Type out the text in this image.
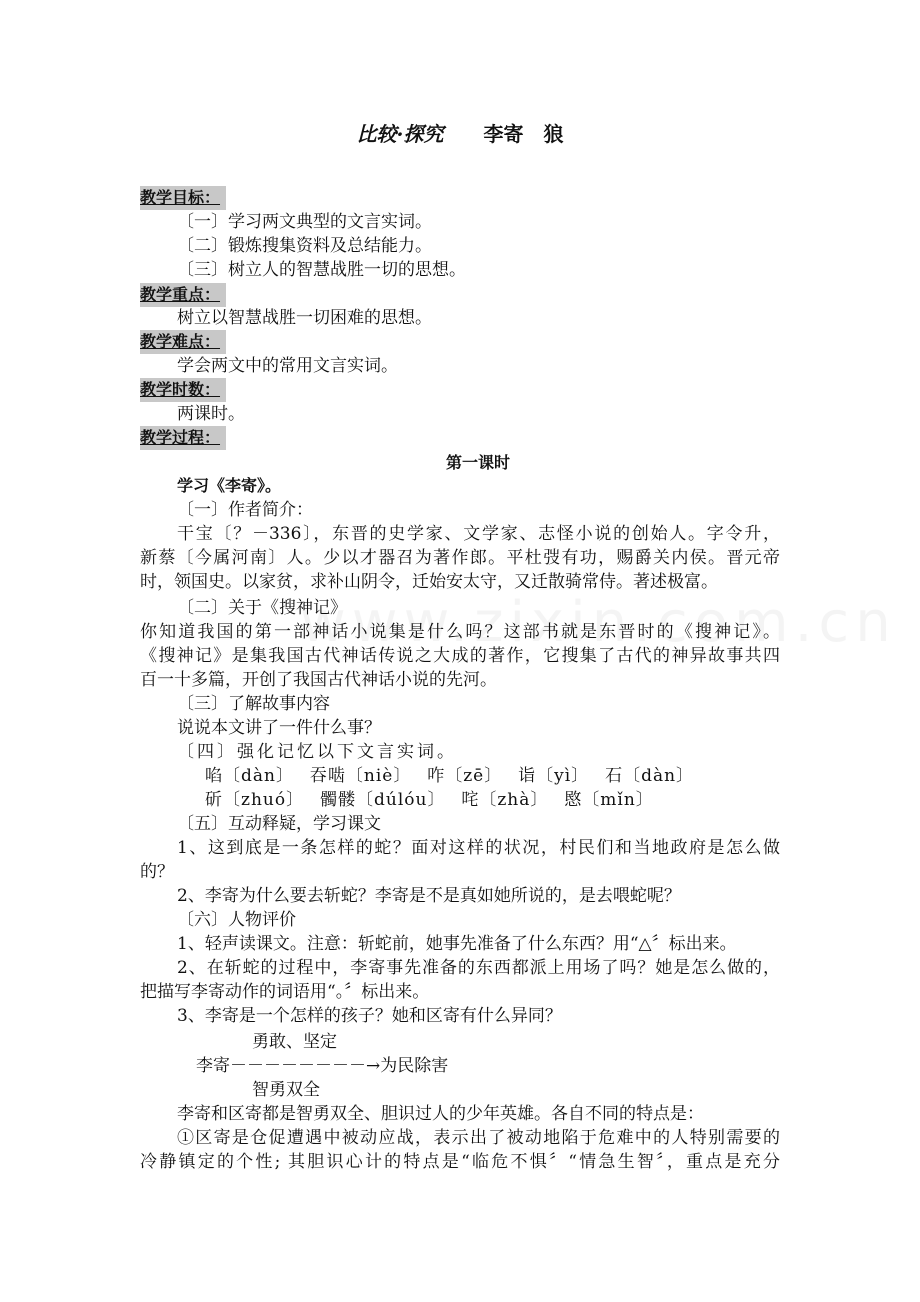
比较·探究　　 李寄　狼
教学目标：
〔一〕学习两文典型的文言实词。
〔二〕锻炼搜集资料及总结能力。
〔三〕树立人的智慧战胜一切的思想。
教学重点：
树立以智慧战胜一切困难的思想。
教学难点：
学会两文中的常用文言实词。
教学时数：
两课时。
教学过程：
第一课时
学习《李寄》。
〔一〕作者简介：
干宝〔？－336〕，东晋的史学家、文学家、志怪小说的创始人。字令升，
新蔡〔今属河南〕人。少以才器召为著作郎。平杜弢有功，赐爵关内侯。晋元帝
时，领国史。以家贫，求补山阴令，迁始安太守，又迁散骑常侍。著述极富。
〔二〕关于《搜神记》
你知道我国的第一部神话小说集是什么吗？这部书就是东晋时的《搜神记》。
《搜神记》是集我国古代神话传说之大成的著作，它搜集了古代的神异故事共四
百一十多篇，开创了我国古代神话小说的先河。
〔三〕了解故事内容
说说本文讲了一件什么事？
〔四〕强化记忆以下文言实词。
啗〔dàn〕　 吞啮〔niè〕　 咋〔zē〕　 诣〔yì〕　 石〔dàn〕
斫〔zhuó〕　 髑髅〔dúlóu〕　 咤〔zhà〕　 愍〔mǐn〕
〔五〕互动释疑，学习课文
1、这到底是一条怎样的蛇？面对这样的状况，村民们和当地政府是怎么做
的？
2、李寄为什么要去斩蛇？李寄是不是真如她所说的，是去喂蛇呢？
〔六〕人物评价
1、轻声读课文。注意：斩蛇前，她事先准备了什么东西？用“△〞标出来。
2、在斩蛇的过程中，李寄事先准备的东西都派上用场了吗？她是怎么做的，
把描写李寄动作的词语用“。〞标出来。
3、李寄是一个怎样的孩子？她和区寄有什么异同？
勇敢、坚定
李寄－－－－－－－－→为民除害
智勇双全
李寄和区寄都是智勇双全、胆识过人的少年英雄。各自不同的特点是：
①区寄是仓促遭遇中被动应战，表示出了被动地陷于危难中的人特别需要的
冷静镇定的个性; 其胆识心计的特点是“临危不惧〞“情急生智〞，重点是充分
